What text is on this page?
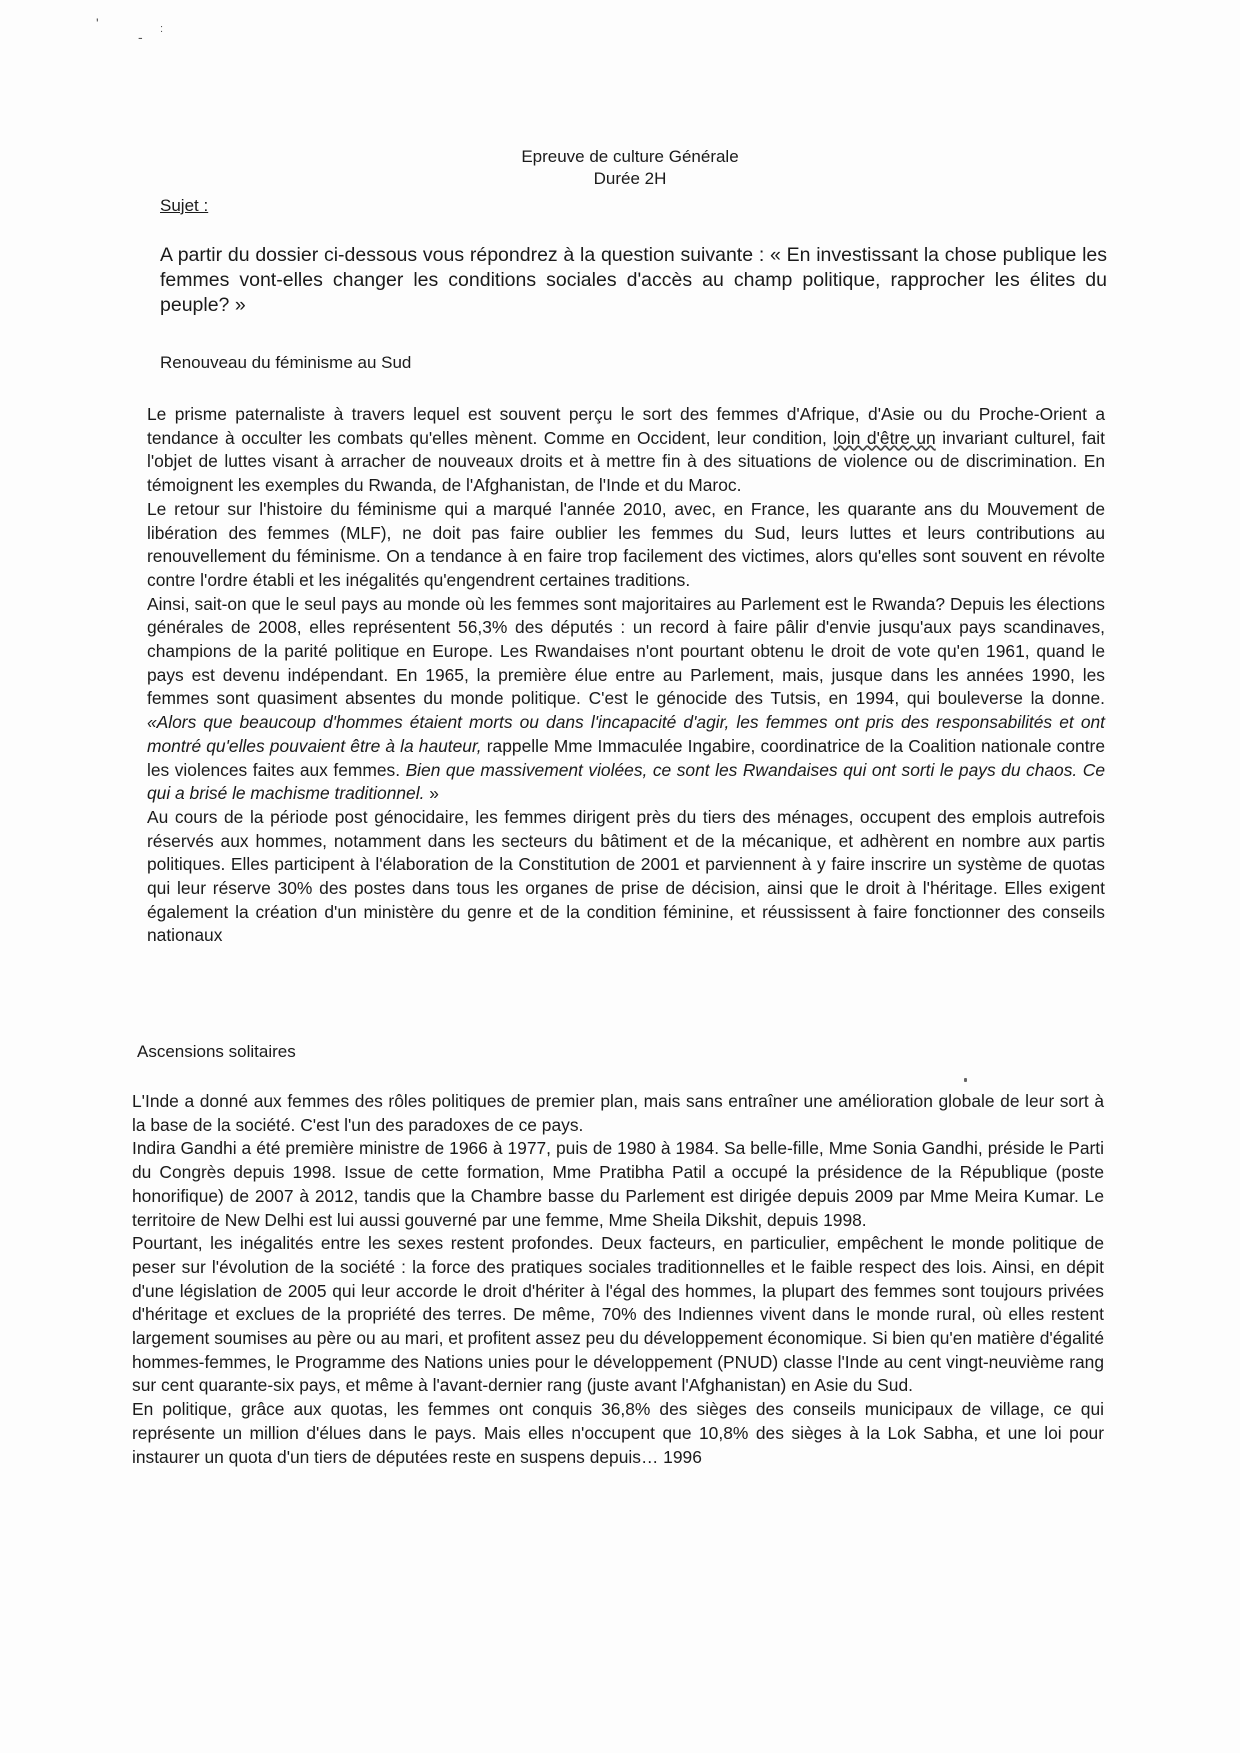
'
- :
Epreuve de culture Générale
Durée 2H
Sujet :
A partir du dossier ci-dessous vous répondrez à la question suivante : « En investissant la chose publique les femmes vont-elles changer les conditions sociales d'accès au champ politique, rapprocher les élites du peuple? »
Renouveau du féminisme au Sud

Le prisme paternaliste à travers lequel est souvent perçu le sort des femmes d'Afrique, d'Asie ou du Proche-Orient a tendance à occulter les combats qu'elles mènent. Comme en Occident, leur condition, loin d'être un invariant culturel, fait l'objet de luttes visant à arracher de nouveaux droits et à mettre fin à des situations de violence ou de discrimination. En témoignent les exemples du Rwanda, de l'Afghanistan, de l'Inde et du Maroc.

Le retour sur l'histoire du féminisme qui a marqué l'année 2010, avec, en France, les quarante ans du Mouvement de libération des femmes (MLF), ne doit pas faire oublier les femmes du Sud, leurs luttes et leurs contributions au renouvellement du féminisme. On a tendance à en faire trop facilement des victimes, alors qu'elles sont souvent en révolte contre l'ordre établi et les inégalités qu'engendrent certaines traditions.

Ainsi, sait-on que le seul pays au monde où les femmes sont majoritaires au Parlement est le Rwanda? Depuis les élections générales de 2008, elles représentent 56,3% des députés : un record à faire pâlir d'envie jusqu'aux pays scandinaves, champions de la parité politique en Europe. Les Rwandaises n'ont pourtant obtenu le droit de vote qu'en 1961, quand le pays est devenu indépendant. En 1965, la première élue entre au Parlement, mais, jusque dans les années 1990, les femmes sont quasiment absentes du monde politique. C'est le génocide des Tutsis, en 1994, qui bouleverse la donne. «Alors que beaucoup d'hommes étaient morts ou dans l'incapacité d'agir, les femmes ont pris des responsabilités et ont montré qu'elles pouvaient être à la hauteur, rappelle Mme Immaculée Ingabire, coordinatrice de la Coalition nationale contre les violences faites aux femmes. Bien que massivement violées, ce sont les Rwandaises qui ont sorti le pays du chaos. Ce qui a brisé le machisme traditionnel. »

Au cours de la période post génocidaire, les femmes dirigent près du tiers des ménages, occupent des emplois autrefois réservés aux hommes, notamment dans les secteurs du bâtiment et de la mécanique, et adhèrent en nombre aux partis politiques. Elles participent à l'élaboration de la Constitution de 2001 et parviennent à y faire inscrire un système de quotas qui leur réserve 30% des postes dans tous les organes de prise de décision, ainsi que le droit à l'héritage. Elles exigent également la création d'un ministère du genre et de la condition féminine, et réussissent à faire fonctionner des conseils nationaux

Ascensions solitaires

L'Inde a donné aux femmes des rôles politiques de premier plan, mais sans entraîner une amélioration globale de leur sort à la base de la société. C'est l'un des paradoxes de ce pays.

Indira Gandhi a été première ministre de 1966 à 1977, puis de 1980 à 1984. Sa belle-fille, Mme Sonia Gandhi, préside le Parti du Congrès depuis 1998. Issue de cette formation, Mme Pratibha Patil a occupé la présidence de la République (poste honorifique) de 2007 à 2012, tandis que la Chambre basse du Parlement est dirigée depuis 2009 par Mme Meira Kumar. Le territoire de New Delhi est lui aussi gouverné par une femme, Mme Sheila Dikshit, depuis 1998.

Pourtant, les inégalités entre les sexes restent profondes. Deux facteurs, en particulier, empêchent le monde politique de peser sur l'évolution de la société : la force des pratiques sociales traditionnelles et le faible respect des lois. Ainsi, en dépit d'une législation de 2005 qui leur accorde le droit d'hériter à l'égal des hommes, la plupart des femmes sont toujours privées d'héritage et exclues de la propriété des terres. De même, 70% des Indiennes vivent dans le monde rural, où elles restent largement soumises au père ou au mari, et profitent assez peu du développement économique. Si bien qu'en matière d'égalité hommes-femmes, le Programme des Nations unies pour le développement (PNUD) classe l'Inde au cent vingt-neuvième rang sur cent quarante-six pays, et même à l'avant-dernier rang (juste avant l'Afghanistan) en Asie du Sud.

En politique, grâce aux quotas, les femmes ont conquis 36,8% des sièges des conseils municipaux de village, ce qui représente un million d'élues dans le pays. Mais elles n'occupent que 10,8% des sièges à la Lok Sabha, et une loi pour instaurer un quota d'un tiers de députées reste en suspens depuis… 1996
